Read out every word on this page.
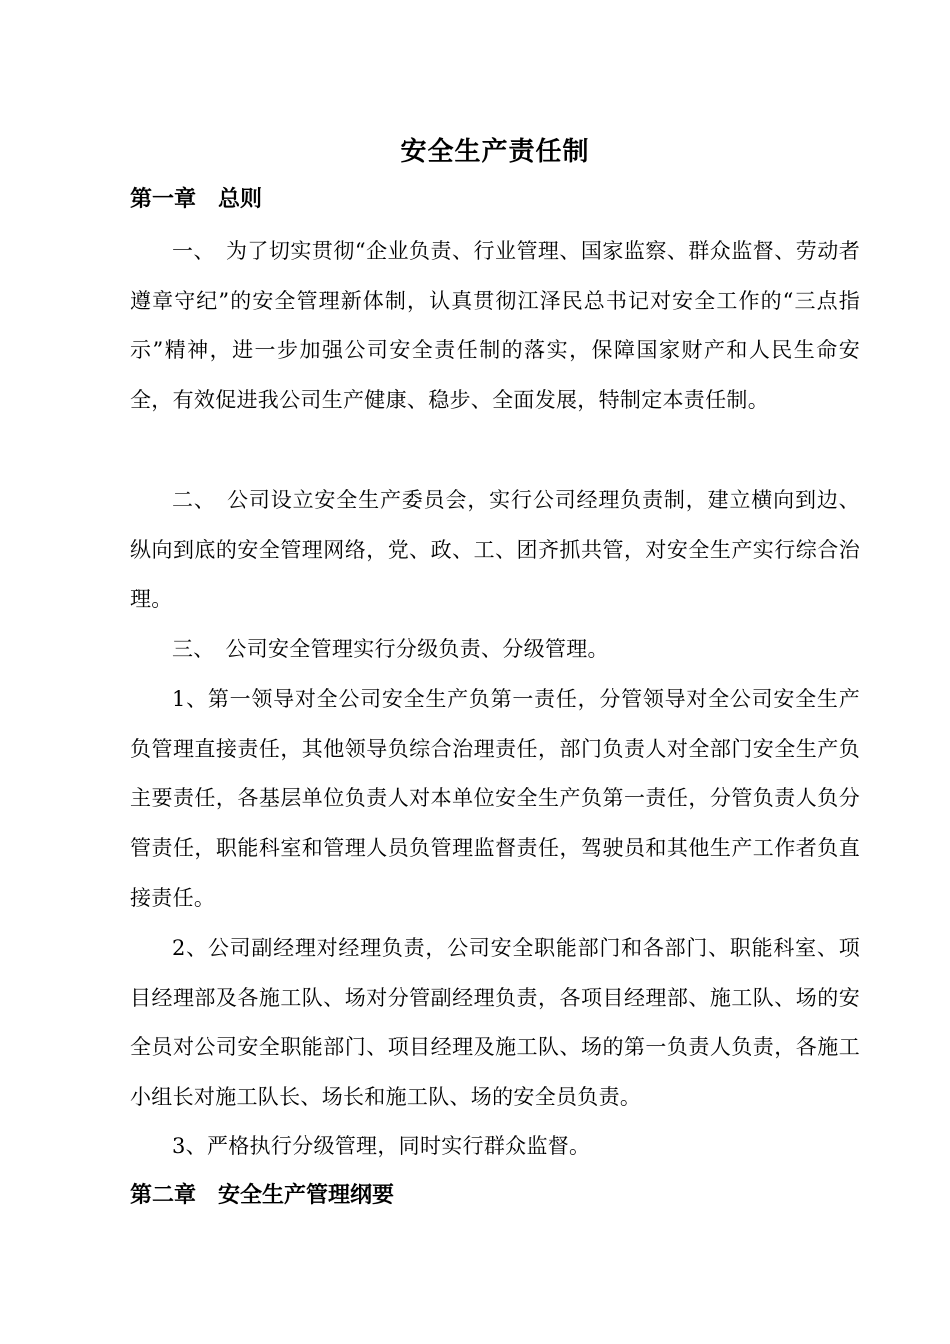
安全生产责任制
第一章　总则

一、　为了切实贯彻“企业负责、行业管理、国家监察、群众监督、劳动者遵章守纪”的安全管理新体制，认真贯彻江泽民总书记对安全工作的“三点指示”精神，进一步加强公司安全责任制的落实，保障国家财产和人民生命安全，有效促进我公司生产健康、稳步、全面发展，特制定本责任制。

二、　公司设立安全生产委员会，实行公司经理负责制，建立横向到边、纵向到底的安全管理网络，党、政、工、团齐抓共管，对安全生产实行综合治理。

三、　公司安全管理实行分级负责、分级管理。

1、第一领导对全公司安全生产负第一责任，分管领导对全公司安全生产负管理直接责任，其他领导负综合治理责任，部门负责人对全部门安全生产负主要责任，各基层单位负责人对本单位安全生产负第一责任，分管负责人负分管责任，职能科室和管理人员负管理监督责任，驾驶员和其他生产工作者负直接责任。

2、公司副经理对经理负责，公司安全职能部门和各部门、职能科室、项目经理部及各施工队、场对分管副经理负责，各项目经理部、施工队、场的安全员对公司安全职能部门、项目经理及施工队、场的第一负责人负责，各施工小组长对施工队长、场长和施工队、场的安全员负责。

3、严格执行分级管理，同时实行群众监督。

第二章　安全生产管理纲要
